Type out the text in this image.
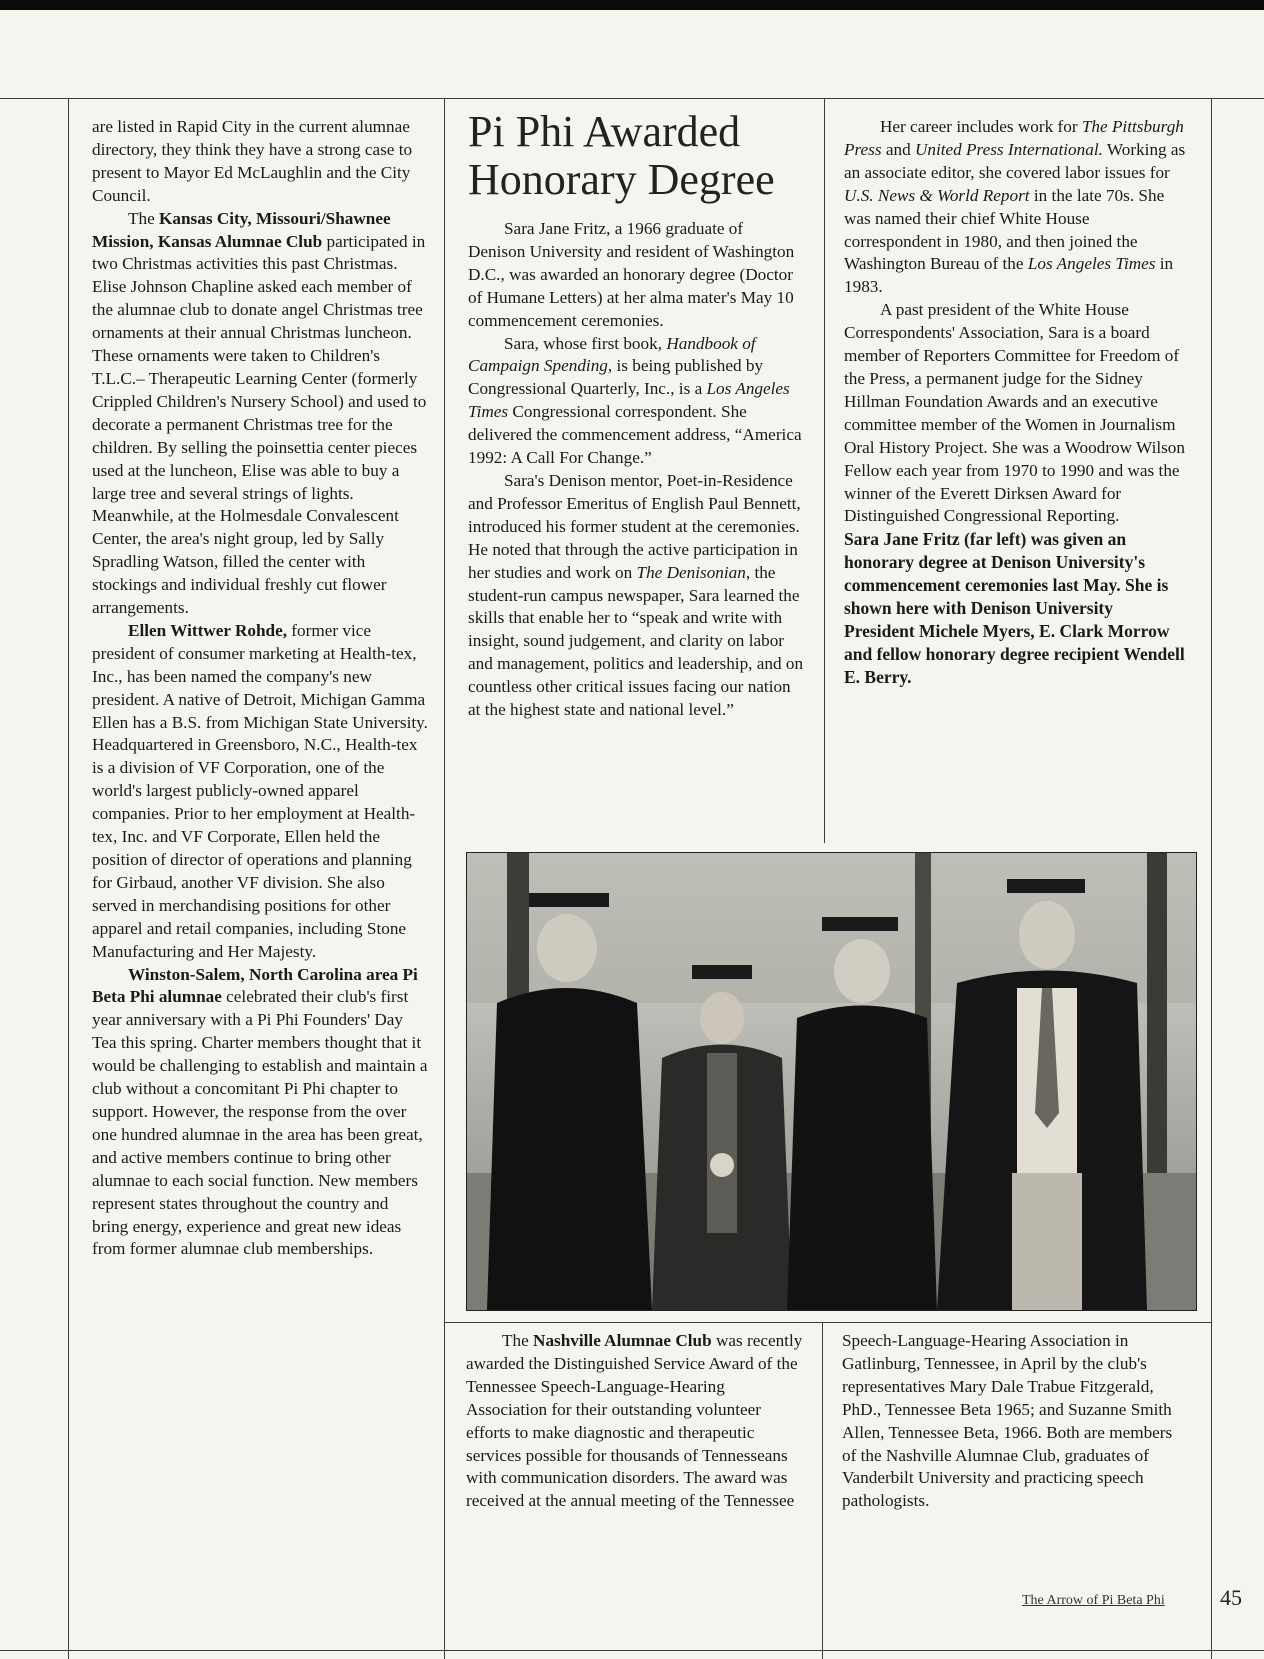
are listed in Rapid City in the current alumnae directory, they think they have a strong case to present to Mayor Ed McLaughlin and the City Council.

The Kansas City, Missouri/Shawnee Mission, Kansas Alumnae Club participated in two Christmas activities this past Christmas. Elise Johnson Chapline asked each member of the alumnae club to donate angel Christmas tree ornaments at their annual Christmas luncheon. These ornaments were taken to Children's T.L.C.– Therapeutic Learning Center (formerly Crippled Children's Nursery School) and used to decorate a permanent Christmas tree for the children. By selling the poinsettia center pieces used at the luncheon, Elise was able to buy a large tree and several strings of lights. Meanwhile, at the Holmesdale Convalescent Center, the area's night group, led by Sally Spradling Watson, filled the center with stockings and individual freshly cut flower arrangements.

Ellen Wittwer Rohde, former vice president of consumer marketing at Health-tex, Inc., has been named the company's new president. A native of Detroit, Michigan Gamma Ellen has a B.S. from Michigan State University. Headquartered in Greensboro, N.C., Health-tex is a division of VF Corporation, one of the world's largest publicly-owned apparel companies. Prior to her employment at Health-tex, Inc. and VF Corporate, Ellen held the position of director of operations and planning for Girbaud, another VF division. She also served in merchandising positions for other apparel and retail companies, including Stone Manufacturing and Her Majesty.

Winston-Salem, North Carolina area Pi Beta Phi alumnae celebrated their club's first year anniversary with a Pi Phi Founders' Day Tea this spring. Charter members thought that it would be challenging to establish and maintain a club without a concomitant Pi Phi chapter to support. However, the response from the over one hundred alumnae in the area has been great, and active members continue to bring other alumnae to each social function. New members represent states throughout the country and bring energy, experience and great new ideas from former alumnae club memberships.

Pi Phi Awarded Honorary Degree

Sara Jane Fritz, a 1966 graduate of Denison University and resident of Washington D.C., was awarded an honorary degree (Doctor of Humane Letters) at her alma mater's May 10 commencement ceremonies.

Sara, whose first book, Handbook of Campaign Spending, is being published by Congressional Quarterly, Inc., is a Los Angeles Times Congressional correspondent. She delivered the commencement address, “America 1992: A Call For Change.”

Sara's Denison mentor, Poet-in-Residence and Professor Emeritus of English Paul Bennett, introduced his former student at the ceremonies. He noted that through the active participation in her studies and work on The Denisonian, the student-run campus newspaper, Sara learned the skills that enable her to “speak and write with insight, sound judgement, and clarity on labor and management, politics and leadership, and on countless other critical issues facing our nation at the highest state and national level.”

Her career includes work for The Pittsburgh Press and United Press International. Working as an associate editor, she covered labor issues for U.S. News & World Report in the late 70s. She was named their chief White House correspondent in 1980, and then joined the Washington Bureau of the Los Angeles Times in 1983.

A past president of the White House Correspondents' Association, Sara is a board member of Reporters Committee for Freedom of the Press, a permanent judge for the Sidney Hillman Foundation Awards and an executive committee member of the Women in Journalism Oral History Project. She was a Woodrow Wilson Fellow each year from 1970 to 1990 and was the winner of the Everett Dirksen Award for Distinguished Congressional Reporting.

Sara Jane Fritz (far left) was given an honorary degree at Denison University's commencement ceremonies last May. She is shown here with Denison University President Michele Myers, E. Clark Morrow and fellow honorary degree recipient Wendell E. Berry.

The Nashville Alumnae Club was recently awarded the Distinguished Service Award of the Tennessee Speech-Language-Hearing Association for their outstanding volunteer efforts to make diagnostic and therapeutic services possible for thousands of Tennesseans with communication disorders. The award was received at the annual meeting of the Tennessee

Speech-Language-Hearing Association in Gatlinburg, Tennessee, in April by the club's representatives Mary Dale Trabue Fitzgerald, PhD., Tennessee Beta 1965; and Suzanne Smith Allen, Tennessee Beta, 1966. Both are members of the Nashville Alumnae Club, graduates of Vanderbilt University and practicing speech pathologists.

The Arrow of Pi Beta Phi	45
